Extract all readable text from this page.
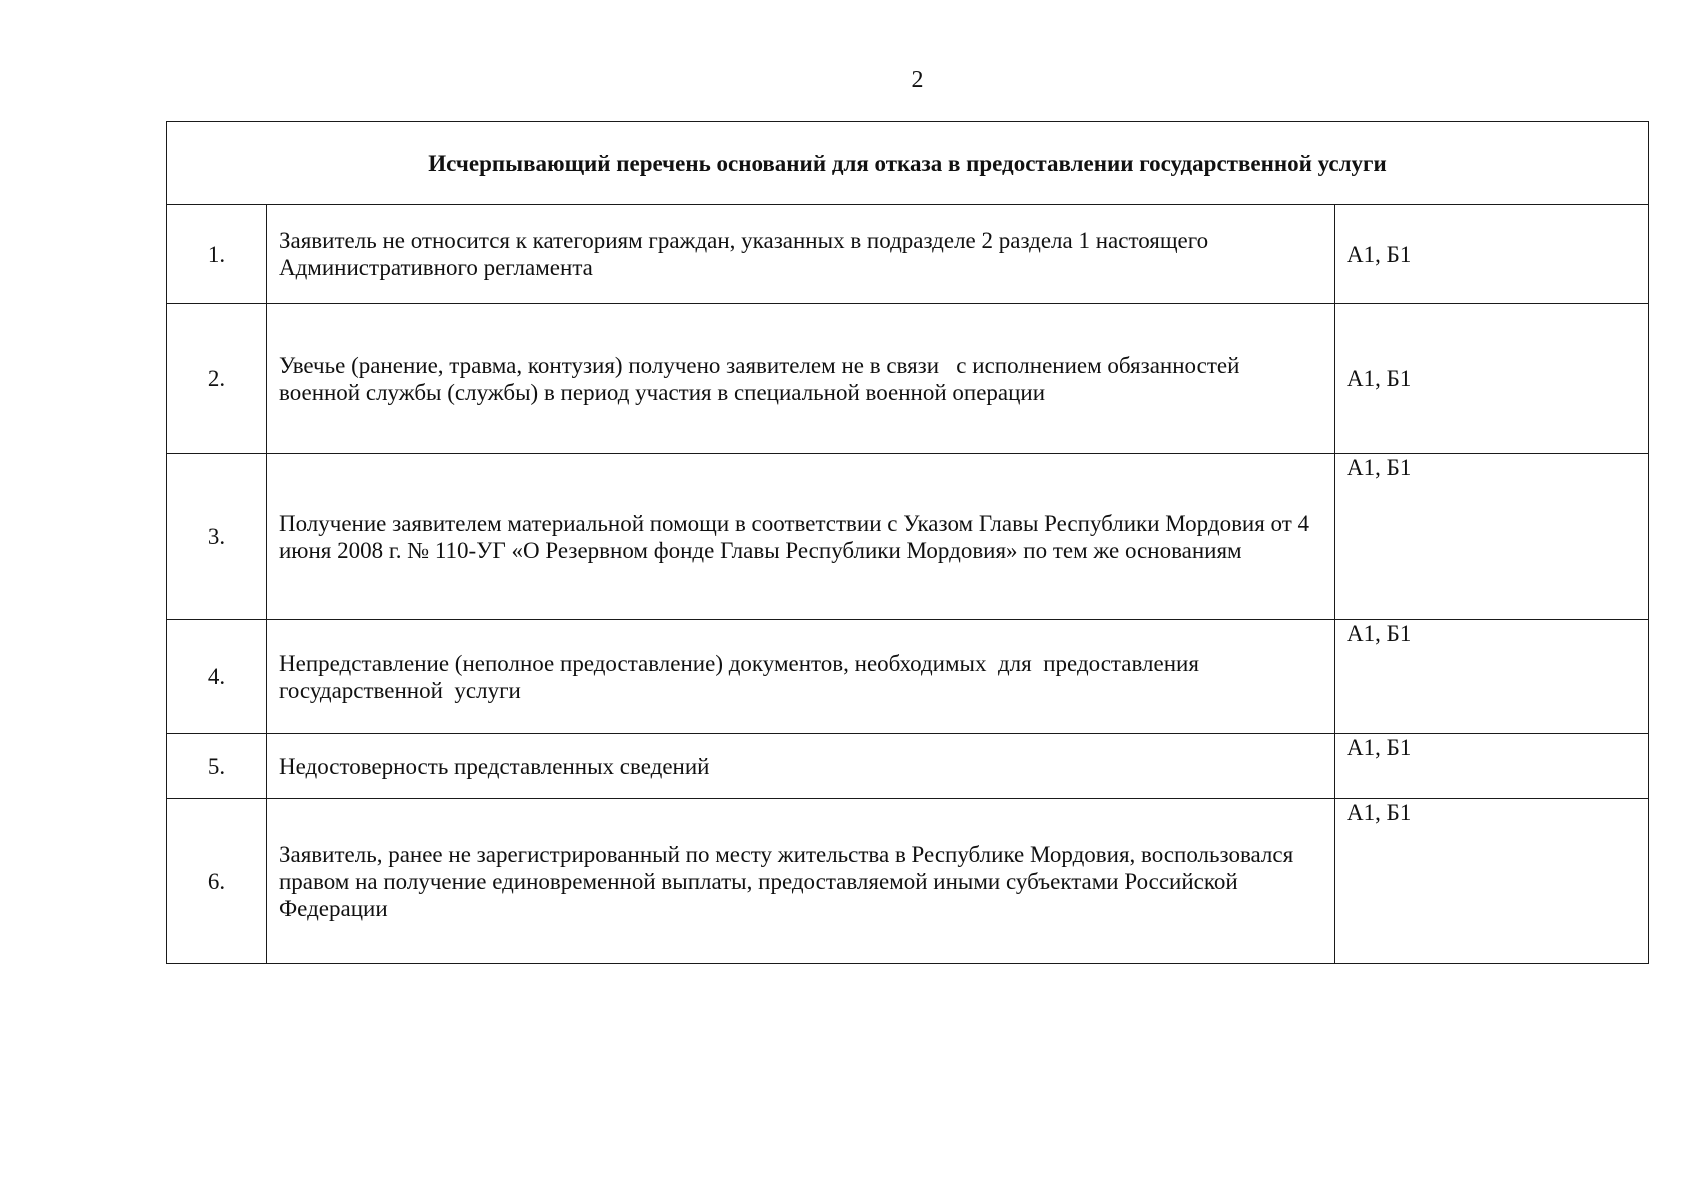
2
Исчерпывающий перечень оснований для отказа в предоставлении государственной услуги		
1.	Заявитель не относится к категориям граждан, указанных в подразделе 2 раздела 1 настоящего Административного регламента	А1, Б1
2.	Увечье (ранение, травма, контузия) получено заявителем не в связи   с исполнением обязанностей военной службы (службы) в период участия в специальной военной операции	А1, Б1
3.	Получение заявителем материальной помощи в соответствии с Указом Главы Республики Мордовия от 4 июня 2008 г. № 110-УГ «О Резервном фонде Главы Республики Мордовия» по тем же основаниям	А1, Б1
4.	Непредставление (неполное предоставление) документов, необходимых  для  предоставления государственной  услуги	А1, Б1
5.	Недостоверность представленных сведений	А1, Б1
6.	Заявитель, ранее не зарегистрированный по месту жительства в Республике Мордовия, воспользовался правом на получение единовременной выплаты, предоставляемой иными субъектами Российской Федерации	А1, Б1
